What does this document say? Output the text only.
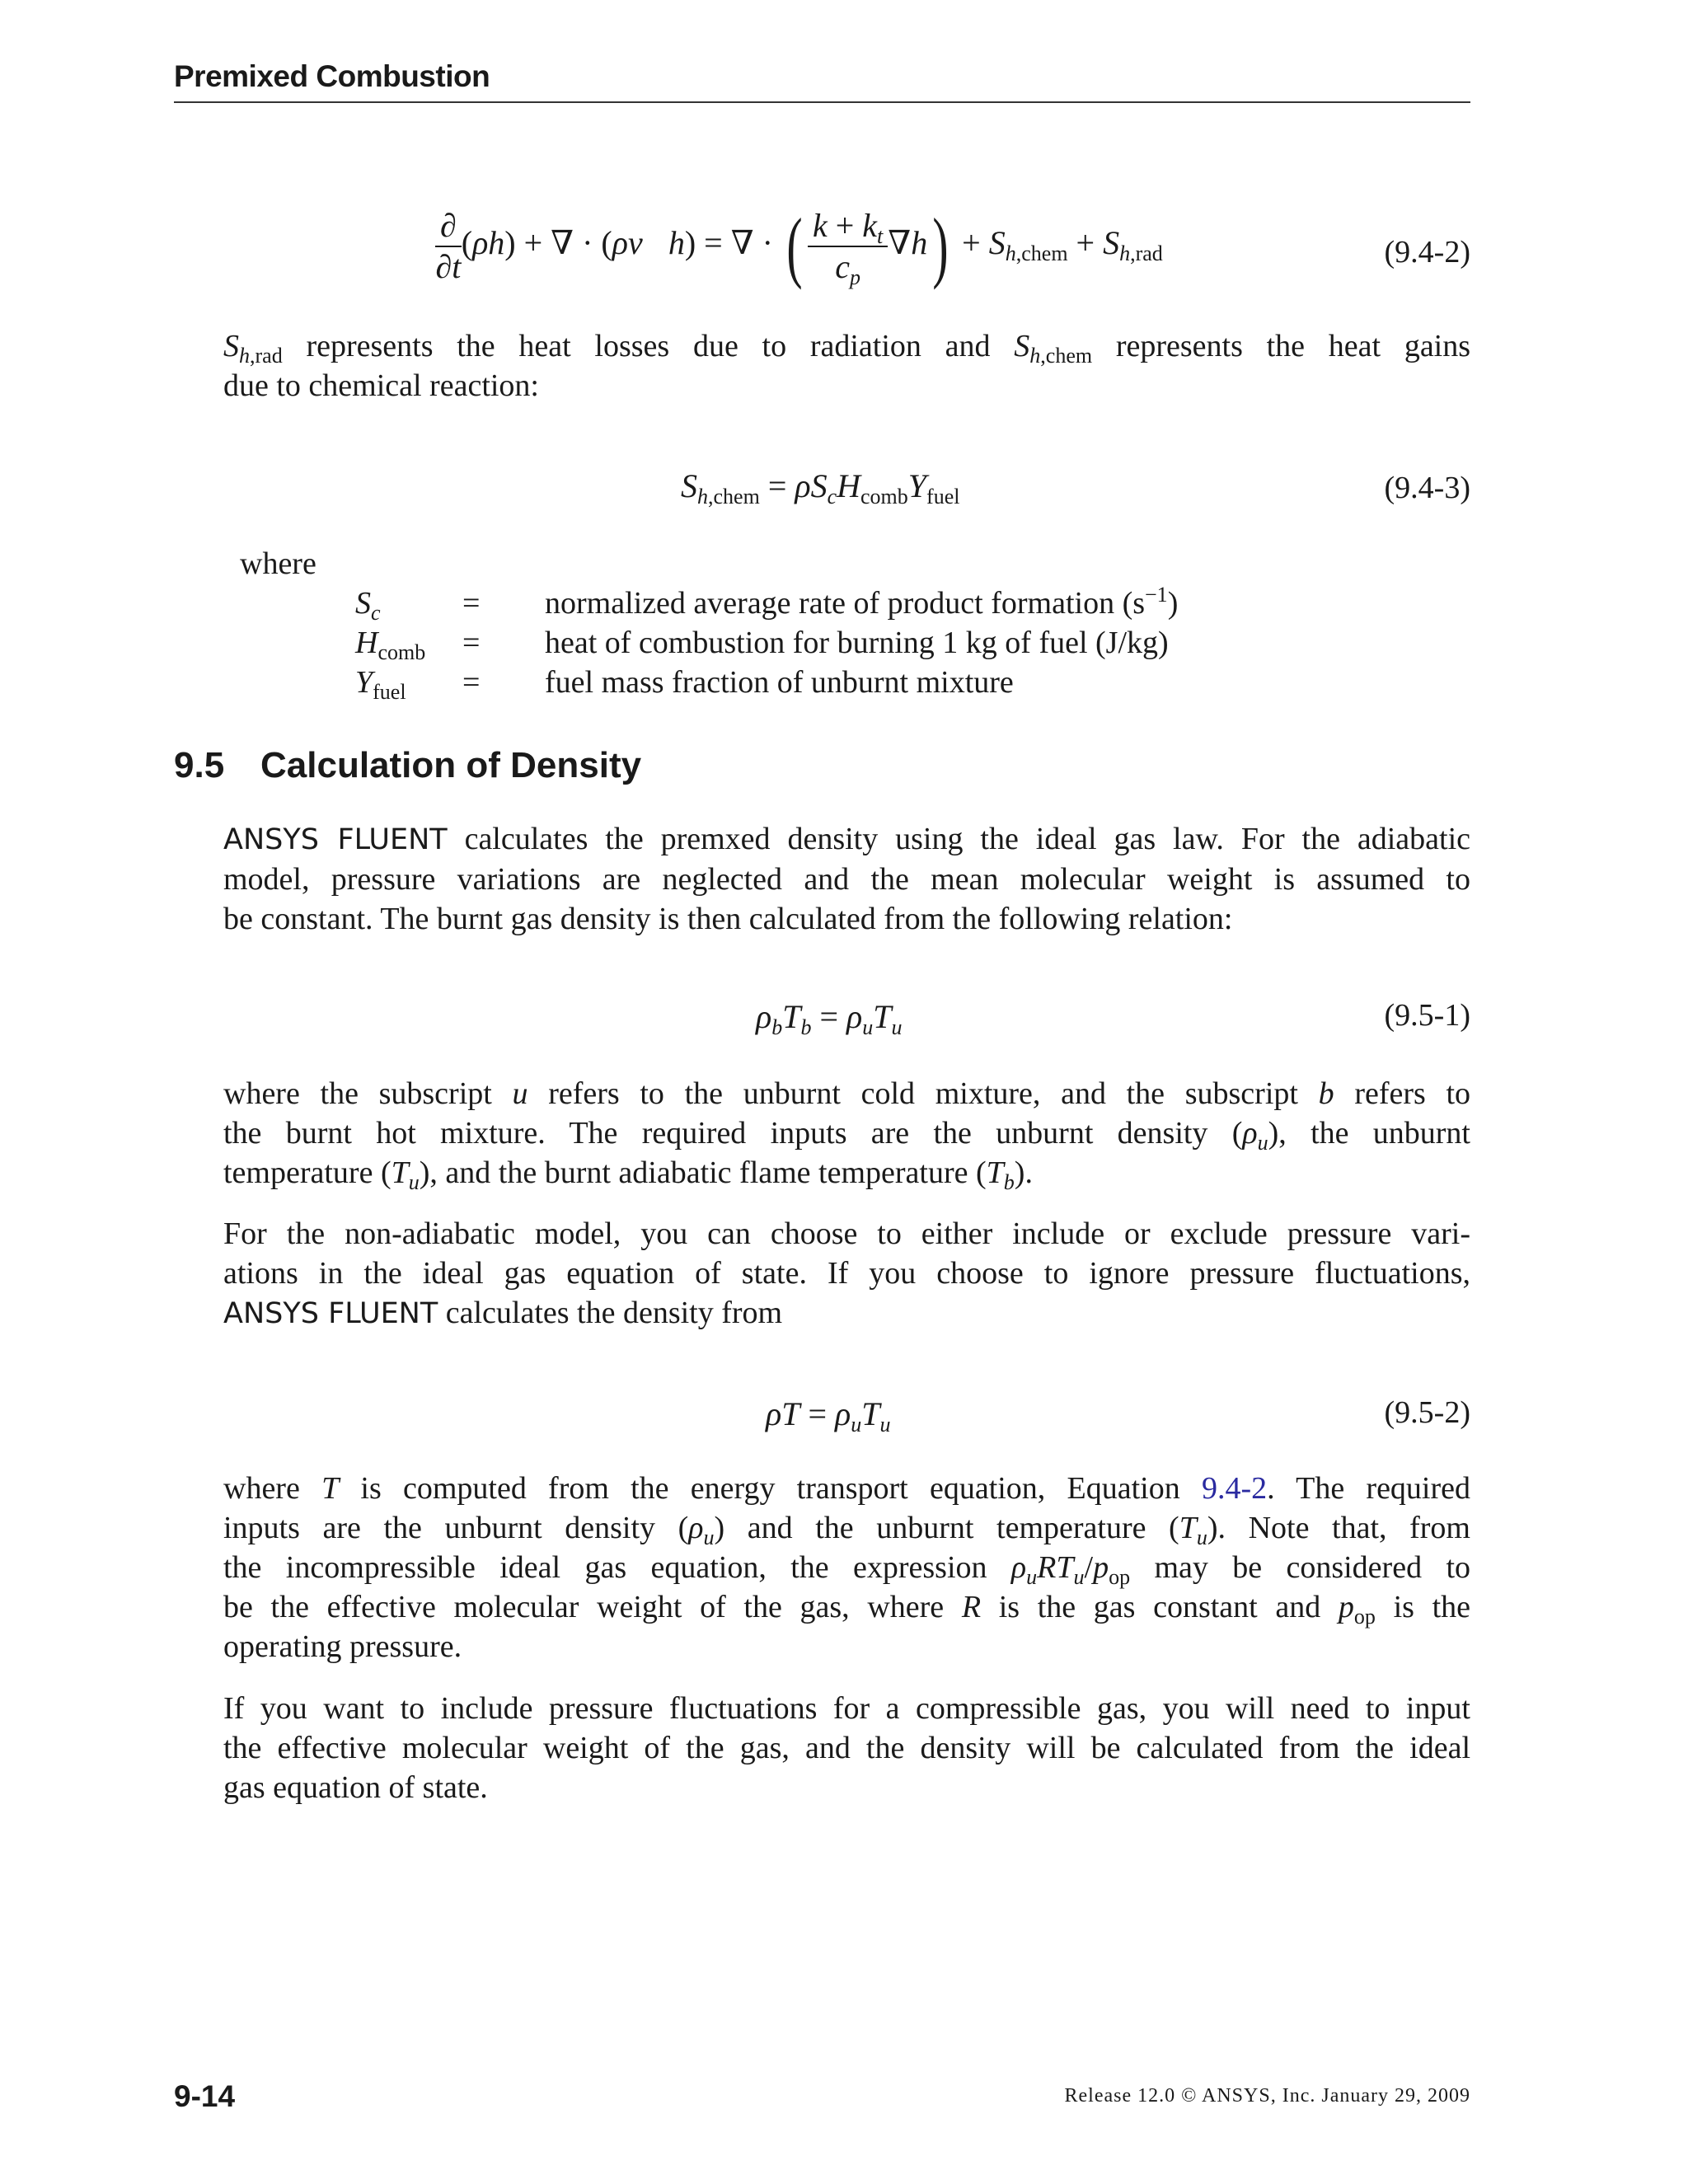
Premixed Combustion
$\frac{\partial}{\partial t} (\rho h)$ + ∇ · (ρv⃗h) = ∇ · ( $\frac{k + k_t}{c_p} \nabla h) + S_{h,chem} + S_{h,rad}$	(9.4-2)
$S_{h,rad}$ represents the heat losses due to radiation and $S_{h,chem}$ represents the heat gains
due to chemical reaction:
$S_{h,chem} = \rho S_cH_{comb}Y_{fuel}$	(9.4-3)
where
$S_c$	=	normalized average rate of product formation $(s^{-1})$
$H_{comb}$	=	heat of combustion for burning 1 kg of fuel (J/kg)
$Y_{fuel}$	=	fuel mass fraction of unburnt mixture
9.5 Calculation of Density
ANSYS FLUENT calculates the premxed density using the ideal gas law. For the adiabatic
model, pressure variations are neglected and the mean molecular weight is assumed to
be constant. The burnt gas density is then calculated from the following relation:
$\rho_bT_b = \rho_uT_u$	(9.5-1)
where the subscript u refers to the unburnt cold mixture, and the subscript b refers to
the burnt hot mixture. The required inputs are the unburnt density $(\rho_u)$, the unburnt
temperature $(T_u)$, and the burnt adiabatic flame temperature $(T_b)$.
For the non-adiabatic model, you can choose to either include or exclude pressure vari-
ations in the ideal gas equation of state. If you choose to ignore pressure fluctuations,
ANSYS FLUENT calculates the density from
$\rho T = \rho_uT_u$	(9.5-2)
where T is computed from the energy transport equation, Equation 9.4-2. The required
inputs are the unburnt density $(\rho_u)$ and the unburnt temperature $(T_u)$. Note that, from
the incompressible ideal gas equation, the expression $\rho_uRT_u/p_{op}$ may be considered to
be the effective molecular weight of the gas, where R is the gas constant and $p_{op}$ is the
operating pressure.
If you want to include pressure fluctuations for a compressible gas, you will need to input
the effective molecular weight of the gas, and the density will be calculated from the ideal
gas equation of state.
9-14	Release 12.0 © ANSYS, Inc. January 29, 2009
